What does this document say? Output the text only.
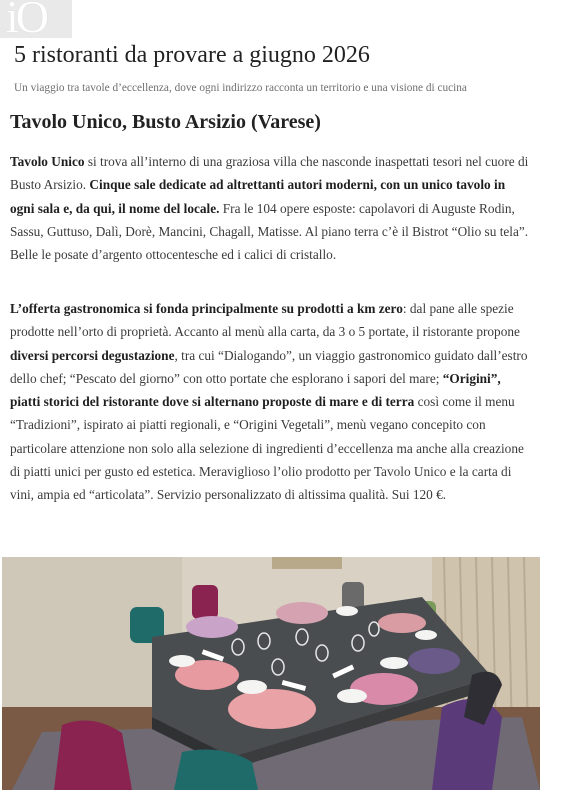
iO
5 ristoranti da provare a giugno 2026
Un viaggio tra tavole d’eccellenza, dove ogni indirizzo racconta un territorio e una visione di cucina
Tavolo Unico, Busto Arsizio (Varese)

Tavolo Unico si trova all’interno di una graziosa villa che nasconde inaspettati tesori nel cuore di Busto Arsizio. Cinque sale dedicate ad altrettanti autori moderni, con un unico tavolo in ogni sala e, da qui, il nome del locale. Fra le 104 opere esposte: capolavori di Auguste Rodin, Sassu, Guttuso, Dalì, Dorè, Mancini, Chagall, Matisse. Al piano terra c’è il Bistrot “Olio su tela”. Belle le posate d’argento ottocentesche ed i calici di cristallo.

L’offerta gastronomica si fonda principalmente su prodotti a km zero: dal pane alle spezie prodotte nell’orto di proprietà. Accanto al menù alla carta, da 3 o 5 portate, il ristorante propone diversi percorsi degustazione, tra cui “Dialogando”, un viaggio gastronomico guidato dall’estro dello chef; “Pescato del giorno” con otto portate che esplorano i sapori del mare; “Origini”, piatti storici del ristorante dove si alternano proposte di mare e di terra così come il menu “Tradizioni”, ispirato ai piatti regionali, e “Origini Vegetali”, menù vegano concepito con particolare attenzione non solo alla selezione di ingredienti d’eccellenza ma anche alla creazione di piatti unici per gusto ed estetica. Meraviglioso l’olio prodotto per Tavolo Unico e la carta di vini, ampia ed “articolata”. Servizio personalizzato di altissima qualità. Sui 120 €.
